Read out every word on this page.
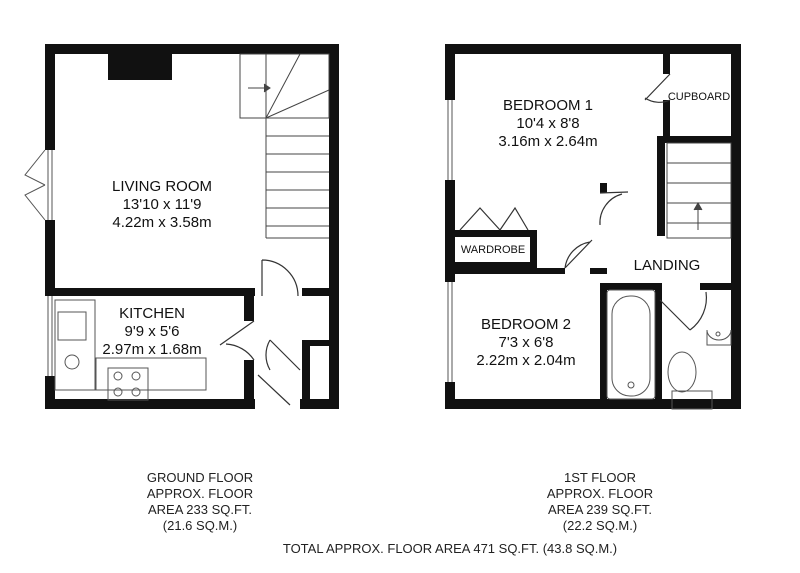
LIVING ROOM
13'10 x 11'9
4.22m x 3.58m
KITCHEN
9'9 x 5'6
2.97m x 1.68m
BEDROOM 1
10'4 x 8'8
3.16m x 2.64m
BEDROOM 2
7'3 x 6'8
2.22m x 2.04m
LANDING
WARDROBE
CUPBOARD
GROUND FLOOR
APPROX. FLOOR
AREA 233 SQ.FT.
(21.6 SQ.M.)
1ST FLOOR
APPROX. FLOOR
AREA 239 SQ.FT.
(22.2 SQ.M.)
TOTAL APPROX. FLOOR AREA 471 SQ.FT. (43.8 SQ.M.)
